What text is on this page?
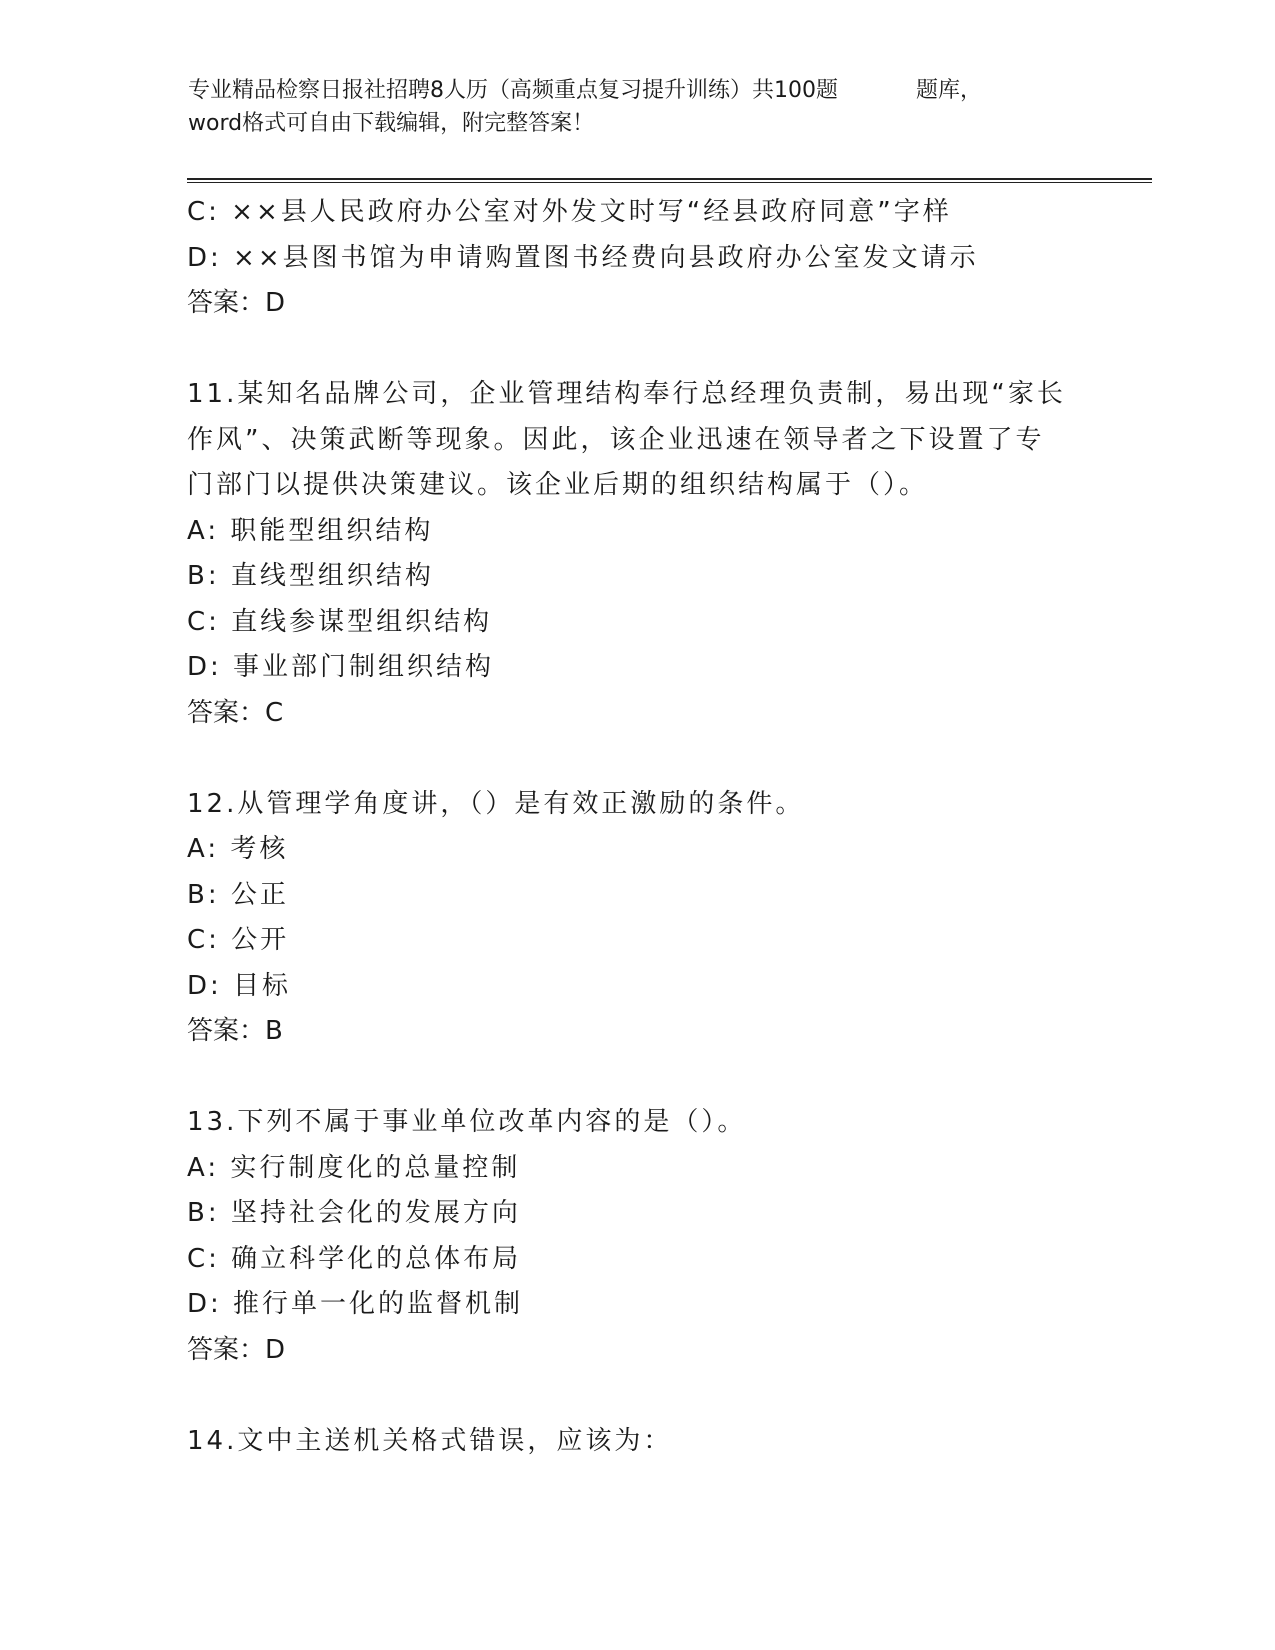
专业精品检察日报社招聘8人历（高频重点复习提升训练）共100题	题库，
word格式可自由下载编辑，附完整答案！
C: ××县人民政府办公室对外发文时写“经县政府同意”字样
D: ××县图书馆为申请购置图书经费向县政府办公室发文请示
答案：D
11.某知名品牌公司，企业管理结构奉行总经理负责制，易出现“家长
作风”、决策武断等现象。因此，该企业迅速在领导者之下设置了专
门部门以提供决策建议。该企业后期的组织结构属于（）。
A: 职能型组织结构
B: 直线型组织结构
C: 直线参谋型组织结构
D: 事业部门制组织结构
答案：C
12.从管理学角度讲，（）是有效正激励的条件。
A: 考核
B: 公正
C: 公开
D: 目标
答案：B
13.下列不属于事业单位改革内容的是（）。
A: 实行制度化的总量控制
B: 坚持社会化的发展方向
C: 确立科学化的总体布局
D: 推行单一化的监督机制
答案：D
14.文中主送机关格式错误，应该为：
